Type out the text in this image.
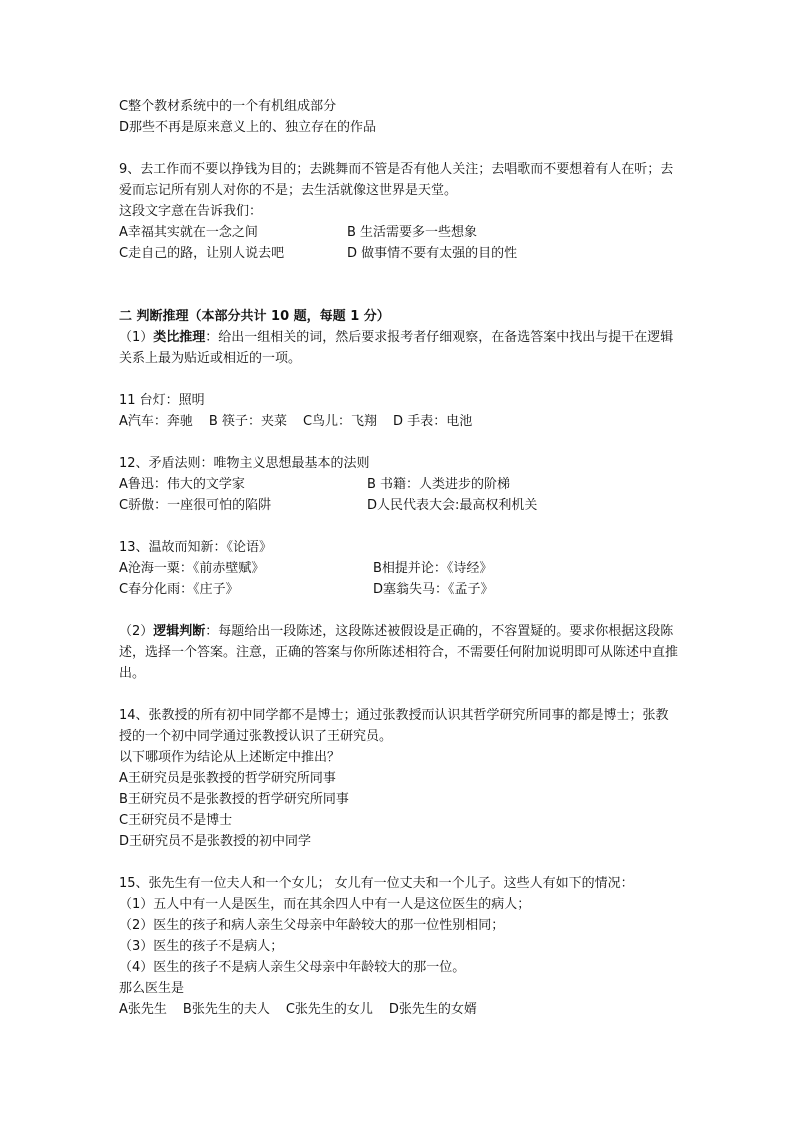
C整个教材系统中的一个有机组成部分
D那些不再是原来意义上的、独立存在的作品
9、去工作而不要以挣钱为目的；去跳舞而不管是否有他人关注；去唱歌而不要想着有人在听；去爱而忘记所有别人对你的不是；去生活就像这世界是天堂。
这段文字意在告诉我们：
A幸福其实就在一念之间	B 生活需要多一些想象
C走自己的路，让别人说去吧	D 做事情不要有太强的目的性
二 判断推理（本部分共计 10 题，每题 1 分）
（1）类比推理：给出一组相关的词，然后要求报考者仔细观察，在备选答案中找出与提干在逻辑关系上最为贴近或相近的一项。
11 台灯：照明
A汽车：奔驰 B 筷子：夹菜 C鸟儿：飞翔 D 手表：电池
12、矛盾法则：唯物主义思想最基本的法则
A鲁迅：伟大的文学家	B 书籍：人类进步的阶梯
C骄傲：一座很可怕的陷阱	D人民代表大会:最高权利机关
13、温故而知新：《论语》
A沧海一粟：《前赤壁赋》	B相提并论：《诗经》
C春分化雨：《庄子》	D塞翁失马：《孟子》
（2）逻辑判断：每题给出一段陈述，这段陈述被假设是正确的，不容置疑的。要求你根据这段陈述，选择一个答案。注意，正确的答案与你所陈述相符合，不需要任何附加说明即可从陈述中直推出。
14、张教授的所有初中同学都不是博士；通过张教授而认识其哲学研究所同事的都是博士；张教授的一个初中同学通过张教授认识了王研究员。
以下哪项作为结论从上述断定中推出？
A王研究员是张教授的哲学研究所同事
B王研究员不是张教授的哲学研究所同事
C王研究员不是博士
D王研究员不是张教授的初中同学
15、张先生有一位夫人和一个女儿； 女儿有一位丈夫和一个儿子。这些人有如下的情况：
（1）五人中有一人是医生，而在其余四人中有一人是这位医生的病人；
（2）医生的孩子和病人亲生父母亲中年龄较大的那一位性别相同；
（3）医生的孩子不是病人；
（4）医生的孩子不是病人亲生父母亲中年龄较大的那一位。
那么医生是
A张先生 B张先生的夫人 C张先生的女儿 D张先生的女婿
